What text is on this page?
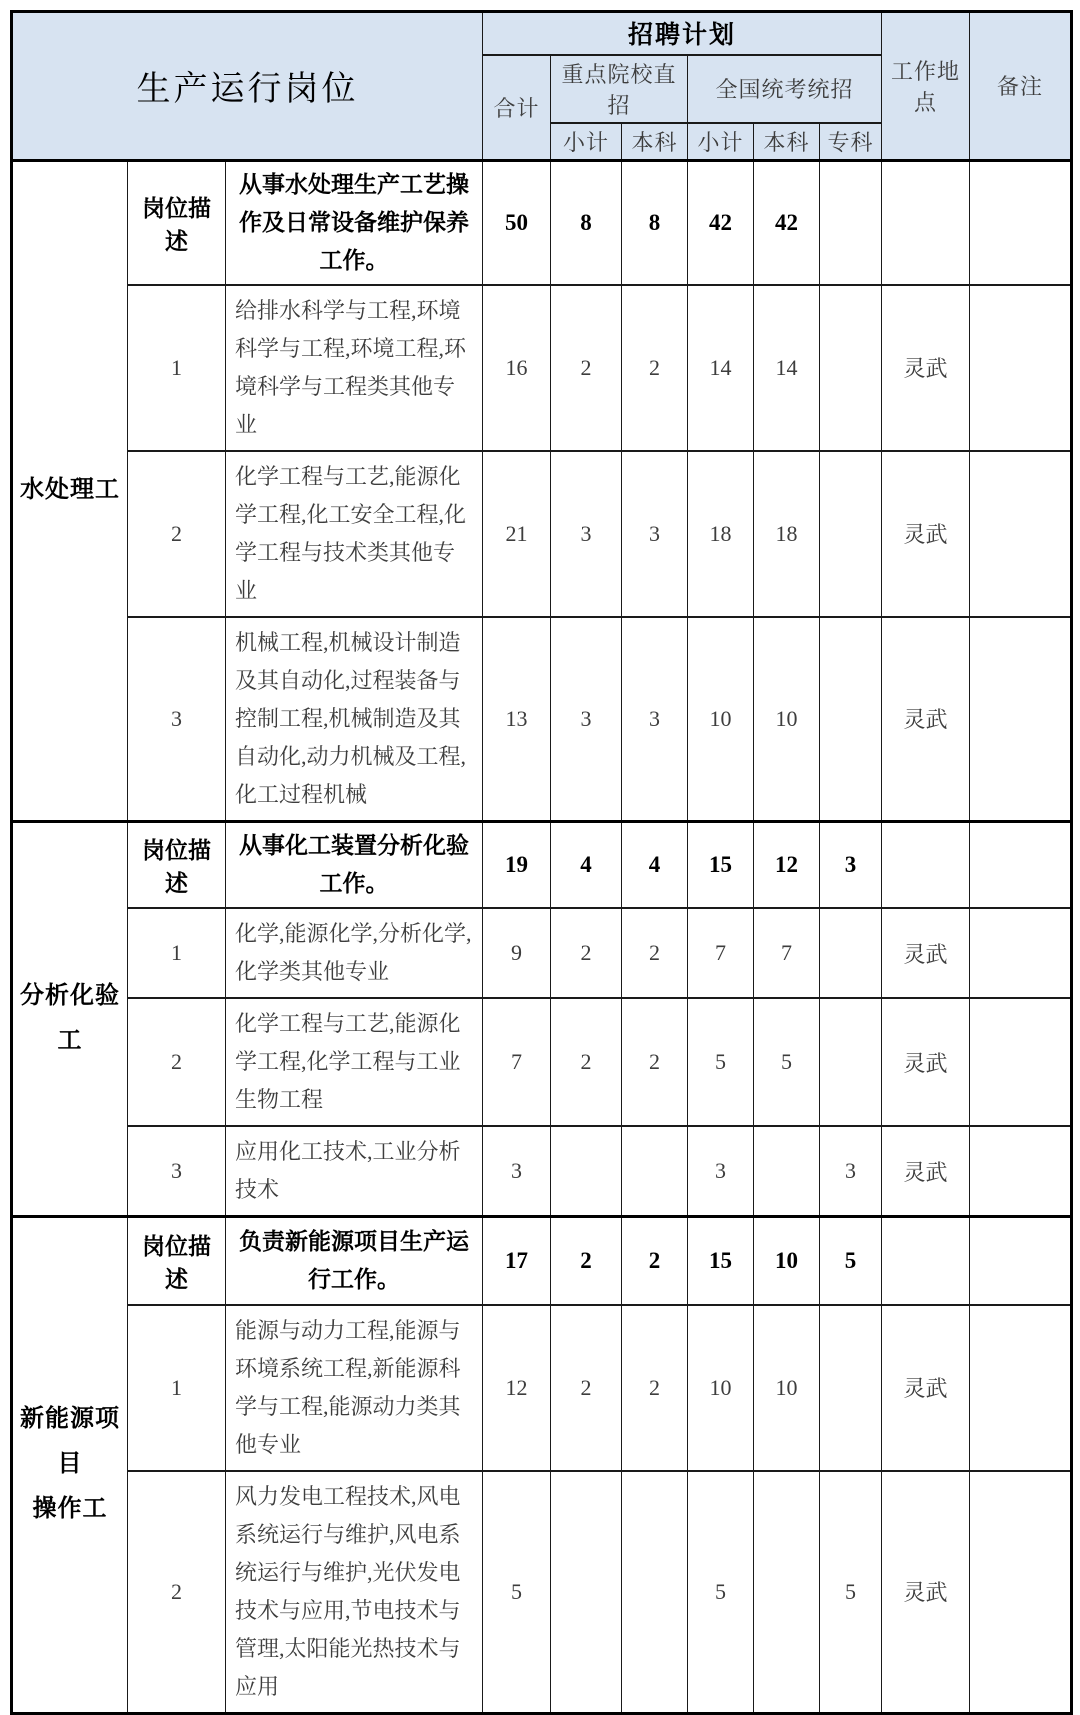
生产运行岗位			招聘计划						工作地点	备注
			合计	重点院校直招		全国统考统招				
				小计	本科	小计	本科	专科		

水处理工	岗位描述	从事水处理生产工艺操作及日常设备维护保养工作。	50	8	8	42	42			
	1	给排水科学与工程,环境科学与工程,环境工程,环境科学与工程类其他专业	16	2	2	14	14		灵武	
	2	化学工程与工艺,能源化学工程,化工安全工程,化学工程与技术类其他专业	21	3	3	18	18		灵武	
	3	机械工程,机械设计制造及其自动化,过程装备与控制工程,机械制造及其自动化,动力机械及工程,化工过程机械	13	3	3	10	10		灵武	

分析化验工	岗位描述	从事化工装置分析化验工作。	19	4	4	15	12	3		
	1	化学,能源化学,分析化学,化学类其他专业	9	2	2	7	7		灵武	
	2	化学工程与工艺,能源化学工程,化学工程与工业生物工程	7	2	2	5	5		灵武	
	3	应用化工技术,工业分析技术	3			3		3	灵武	

新能源项目
操作工	岗位描述	负责新能源项目生产运行工作。	17	2	2	15	10	5		
	1	能源与动力工程,能源与环境系统工程,新能源科学与工程,能源动力类其他专业	12	2	2	10	10		灵武	
	2	风力发电工程技术,风电系统运行与维护,风电系统运行与维护,光伏发电技术与应用,节电技术与管理,太阳能光热技术与应用	5			5		5	灵武	
